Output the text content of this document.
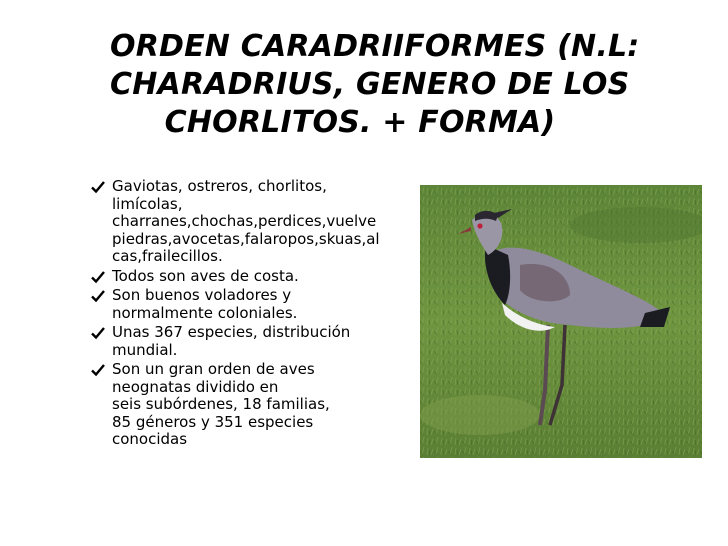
ORDEN CARADRIIFORMES (N.L:
CHARADRIUS, GENERO DE LOS
CHORLITOS. + FORMA)
Gaviotas, ostreros, chorlitos,
limícolas,
charranes,chochas,perdices,vuelve
piedras,avocetas,falaropos,skuas,al
cas,frailecillos.
Todos son aves de costa.
Son buenos voladores y
normalmente coloniales.
Unas 367 especies, distribución
mundial.
Son un gran orden de aves
neognatas dividido en
seis subórdenes, 18 familias,
85 géneros y 351 especies
conocidas
